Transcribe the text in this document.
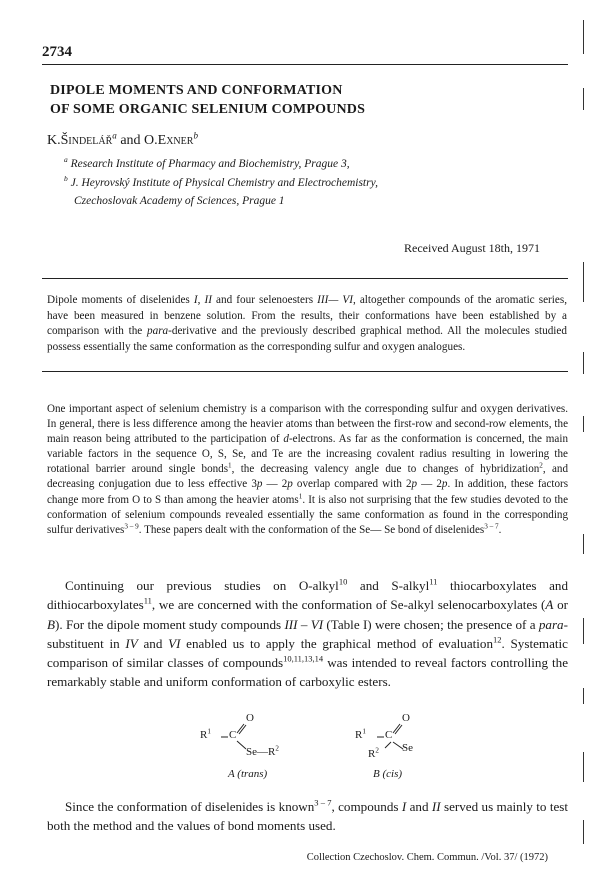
2734
DIPOLE MOMENTS AND CONFORMATION
OF SOME ORGANIC SELENIUM COMPOUNDS
K.Šindelář$^a$ and O.Exner$^b$
$^a$ Research Institute of Pharmacy and Biochemistry, Prague 3,
$^b$ J. Heyrovský Institute of Physical Chemistry and Electrochemistry,
Czechoslovak Academy of Sciences, Prague 1
Received August 18th, 1971
Dipole moments of diselenides I, II and four selenoesters III— VI, altogether compounds of the aromatic series, have been measured in benzene solution. From the results, their conformations have been established by a comparison with the para-derivative and the previously described graphical method. All the molecules studied possess essentially the same conformation as the corresponding sulfur and oxygen analogues.
One important aspect of selenium chemistry is a comparison with the corresponding sulfur and oxygen derivatives. In general, there is less difference among the heavier atoms than between the first-row and second-row elements, the main reason being attributed to the participation of d-electrons. As far as the conformation is concerned, the main variable factors in the sequence O, S, Se, and Te are the increasing covalent radius resulting in lowering the rotational barrier around single bonds$^1$, the decreasing valency angle due to changes of hybridization$^2$, and decreasing conjugation due to less effective 3p — 2p overlap compared with 2p — 2p. In addition, these factors change more from O to S than among the heavier atoms$^1$. It is also not surprising that the few studies devoted to the conformation of selenium compounds revealed essentially the same conformation as found in the corresponding sulfur derivatives$^{3 - 9}$. These papers dealt with the conformation of the Se— Se bond of diselenides$^{3 - 7}$.
Continuing our previous studies on O-alkyl$^{10}$ and S-alkyl$^{11}$ thiocarboxylates and dithiocarboxylates$^{11}$, we are concerned with the conformation of Se-alkyl selenocarboxylates (A or B). For the dipole moment study compounds III – VI (Table I) were chosen; the presence of a para-substituent in IV and VI enabled us to apply the graphical method of evaluation$^{12}$. Systematic comparison of similar classes of compounds$^{10,11,13,14}$ was intended to reveal factors controlling the remarkably stable and uniform conformation of carboxylic esters.
$R^1$ C
O
$Se—R^2$
A (trans)
$R^1$ C
O
$R^2$ Se
B (cis)
Since the conformation of diselenides is known$^{3 - 7}$, compounds I and II served us mainly to test both the method and the values of bond moments used.
Collection Czechoslov. Chem. Commun. /Vol. 37/ (1972)
